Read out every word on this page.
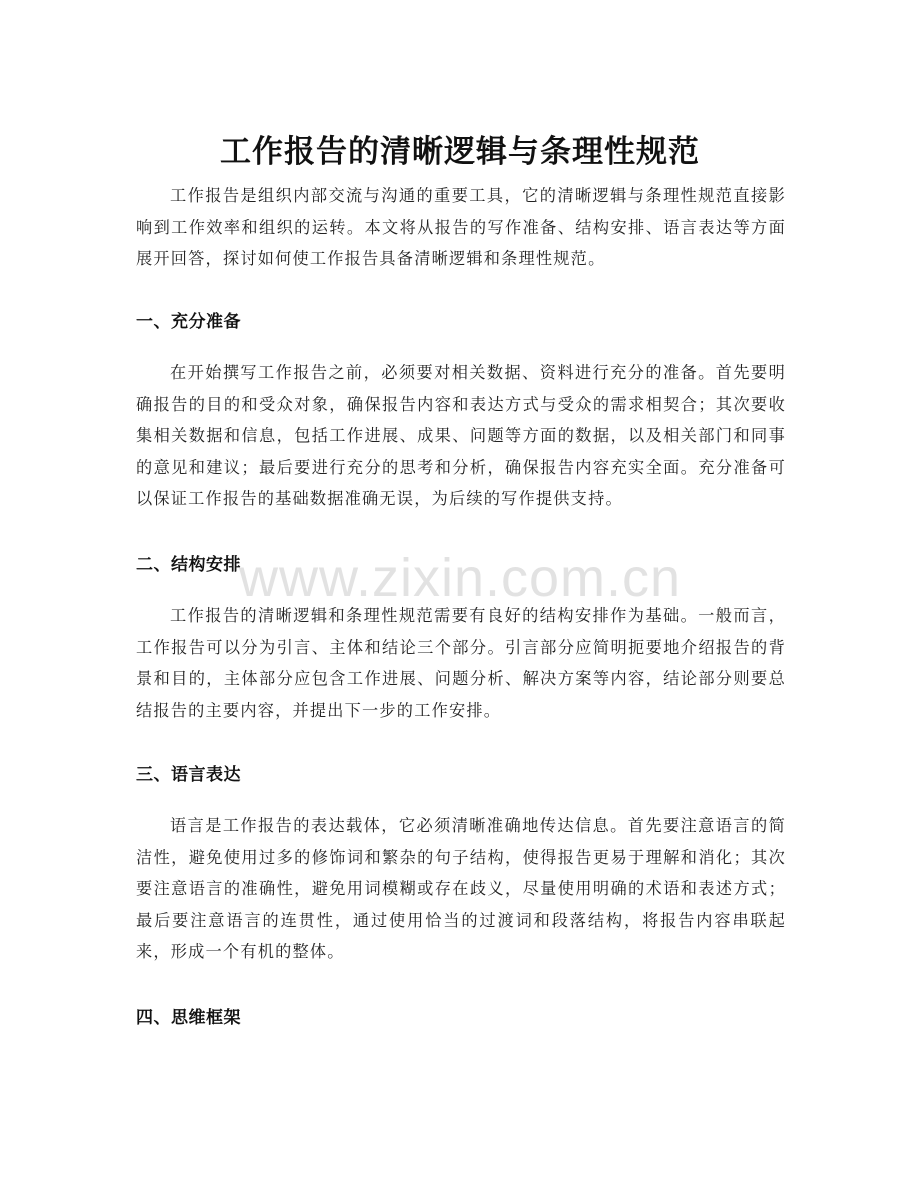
工作报告的清晰逻辑与条理性规范

工作报告是组织内部交流与沟通的重要工具，它的清晰逻辑与条理性规范直接影响到工作效率和组织的运转。本文将从报告的写作准备、结构安排、语言表达等方面展开回答，探讨如何使工作报告具备清晰逻辑和条理性规范。

一、充分准备

在开始撰写工作报告之前，必须要对相关数据、资料进行充分的准备。首先要明确报告的目的和受众对象，确保报告内容和表达方式与受众的需求相契合；其次要收集相关数据和信息，包括工作进展、成果、问题等方面的数据，以及相关部门和同事的意见和建议；最后要进行充分的思考和分析，确保报告内容充实全面。充分准备可以保证工作报告的基础数据准确无误，为后续的写作提供支持。

二、结构安排

工作报告的清晰逻辑和条理性规范需要有良好的结构安排作为基础。一般而言，工作报告可以分为引言、主体和结论三个部分。引言部分应简明扼要地介绍报告的背景和目的，主体部分应包含工作进展、问题分析、解决方案等内容，结论部分则要总结报告的主要内容，并提出下一步的工作安排。

三、语言表达

语言是工作报告的表达载体，它必须清晰准确地传达信息。首先要注意语言的简洁性，避免使用过多的修饰词和繁杂的句子结构，使得报告更易于理解和消化；其次要注意语言的准确性，避免用词模糊或存在歧义，尽量使用明确的术语和表述方式；最后要注意语言的连贯性，通过使用恰当的过渡词和段落结构，将报告内容串联起来，形成一个有机的整体。

四、思维框架
www.zixin.com.cn
